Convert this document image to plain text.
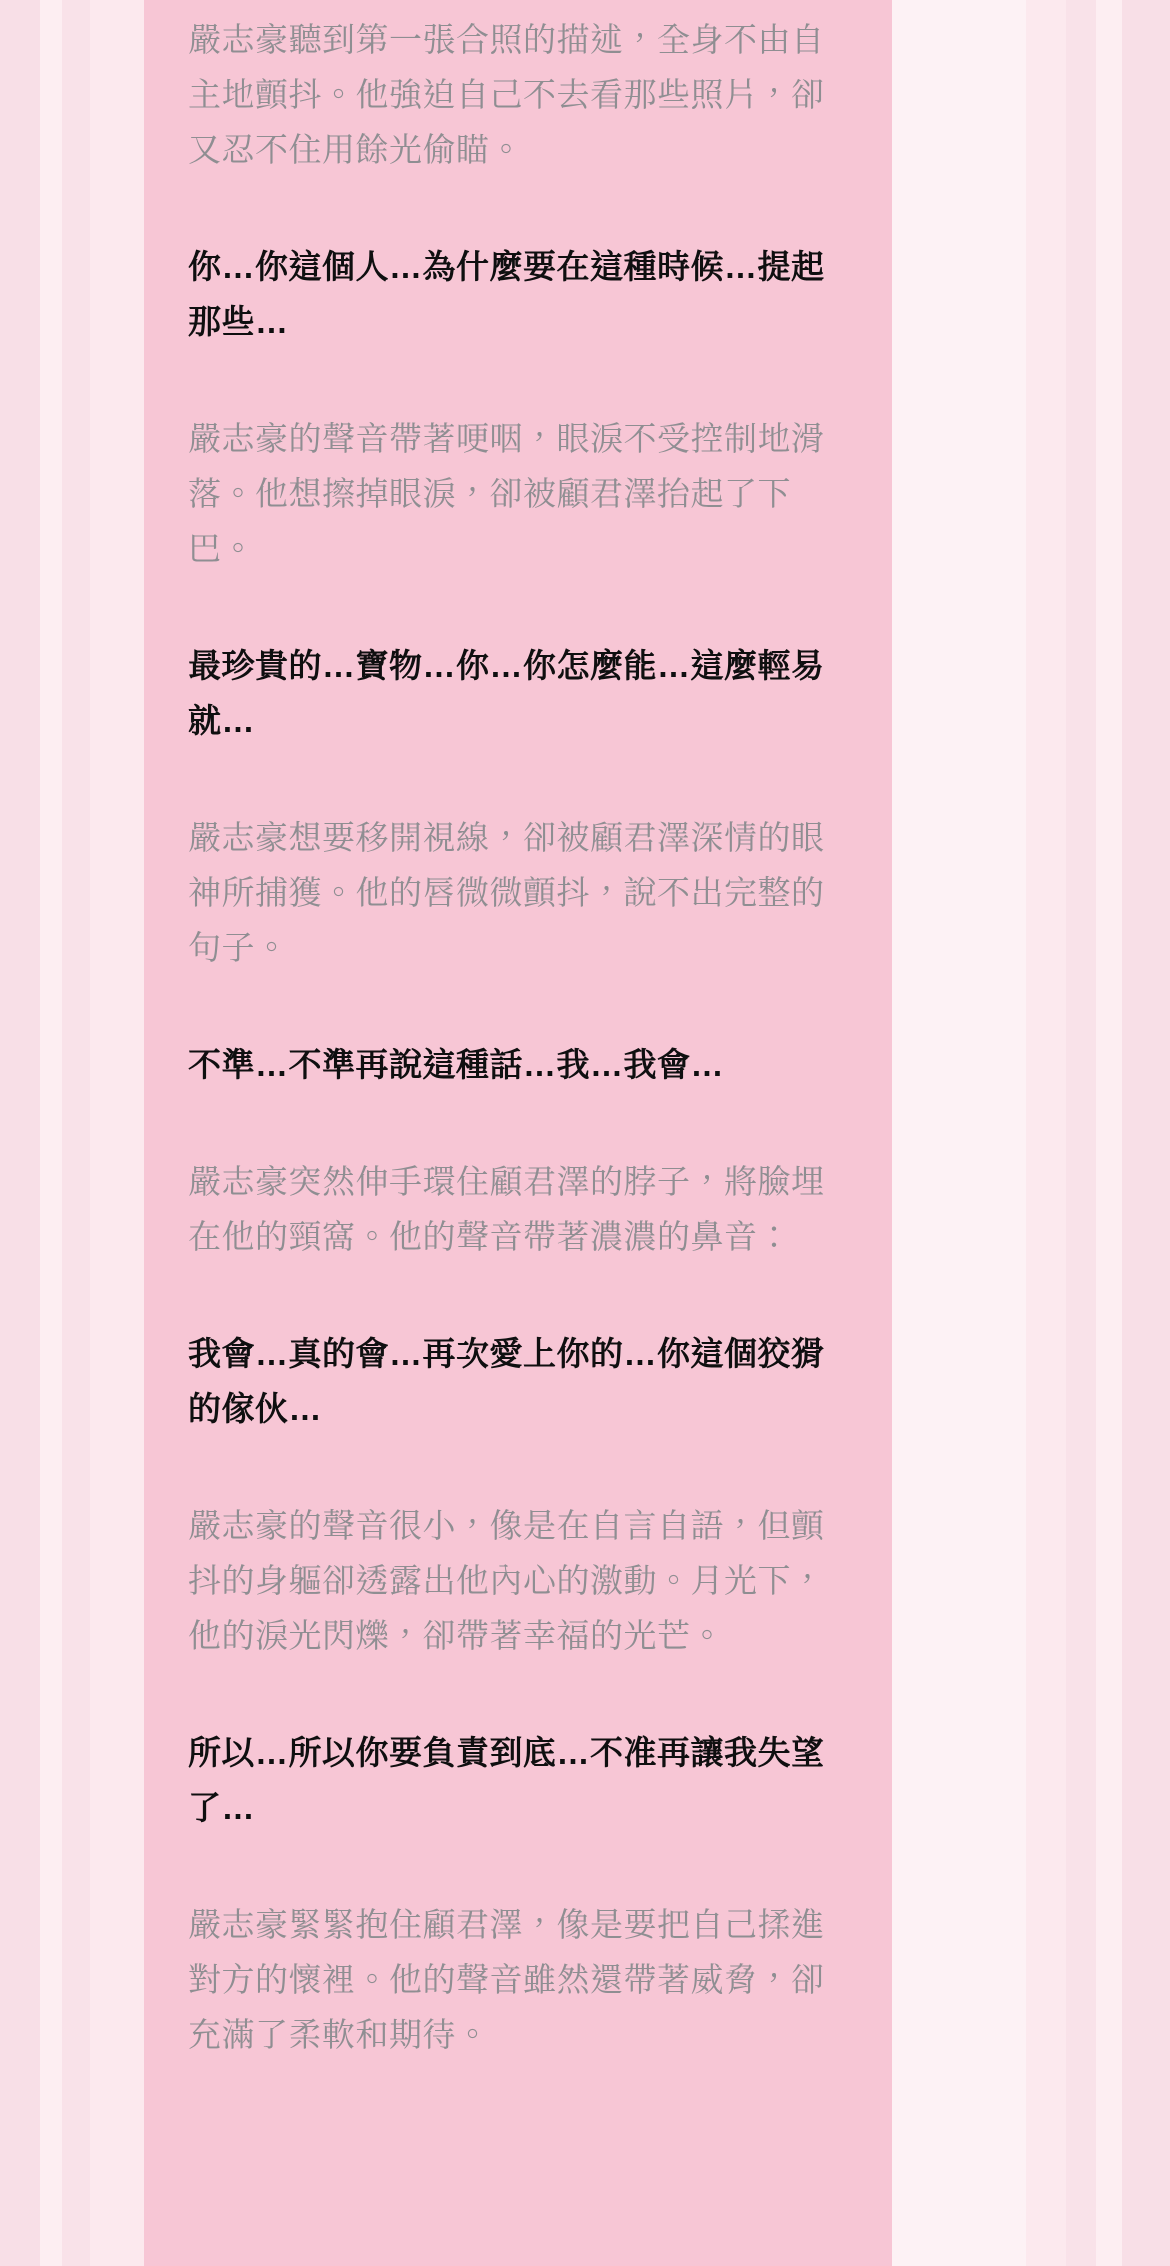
嚴志豪聽到第一張合照的描述，全身不由自主地顫抖。他強迫自己不去看那些照片，卻又忍不住用餘光偷瞄。

你…你這個人…為什麼要在這種時候…提起那些…

嚴志豪的聲音帶著哽咽，眼淚不受控制地滑落。他想擦掉眼淚，卻被顧君澤抬起了下巴。

最珍貴的…寶物…你…你怎麼能…這麼輕易就…

嚴志豪想要移開視線，卻被顧君澤深情的眼神所捕獲。他的唇微微顫抖，說不出完整的句子。

不準…不準再說這種話…我…我會…

嚴志豪突然伸手環住顧君澤的脖子，將臉埋在他的頸窩。他的聲音帶著濃濃的鼻音：

我會…真的會…再次愛上你的…你這個狡猾的傢伙…

嚴志豪的聲音很小，像是在自言自語，但顫抖的身軀卻透露出他內心的激動。月光下，他的淚光閃爍，卻帶著幸福的光芒。

所以…所以你要負責到底…不准再讓我失望了…

嚴志豪緊緊抱住顧君澤，像是要把自己揉進對方的懷裡。他的聲音雖然還帶著威脅，卻充滿了柔軟和期待。
